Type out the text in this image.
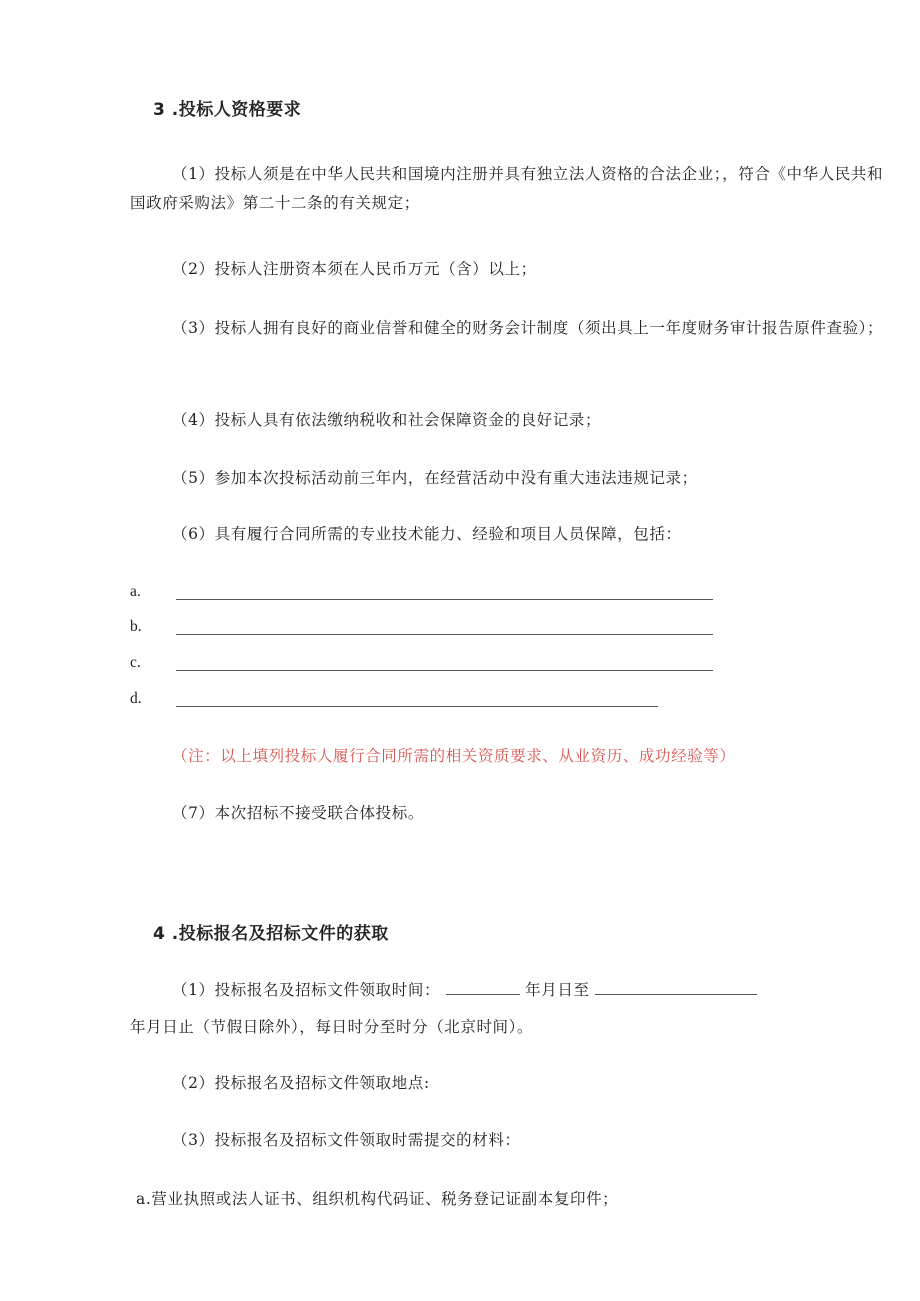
3 .投标人资格要求

（1）投标人须是在中华人民共和国境内注册并具有独立法人资格的合法企业；，符合《中华人民共和国政府采购法》第二十二条的有关规定；

（2）投标人注册资本须在人民币万元（含）以上；

（3）投标人拥有良好的商业信誉和健全的财务会计制度（须出具上一年度财务审计报告原件查验）；

（4）投标人具有依法缴纳税收和社会保障资金的良好记录；

（5）参加本次投标活动前三年内，在经营活动中没有重大违法违规记录；

（6）具有履行合同所需的专业技术能力、经验和项目人员保障，包括：

a.
b.
c.
d.

（注：以上填列投标人履行合同所需的相关资质要求、从业资历、成功经验等）

（7）本次招标不接受联合体投标。

4 .投标报名及招标文件的获取
（1）投标报名及招标文件领取时间：	年月日至
年月日止（节假日除外），每日时分至时分（北京时间）。

（2）投标报名及招标文件领取地点:

（3）投标报名及招标文件领取时需提交的材料：

a.营业执照或法人证书、组织机构代码证、税务登记证副本复印件；
